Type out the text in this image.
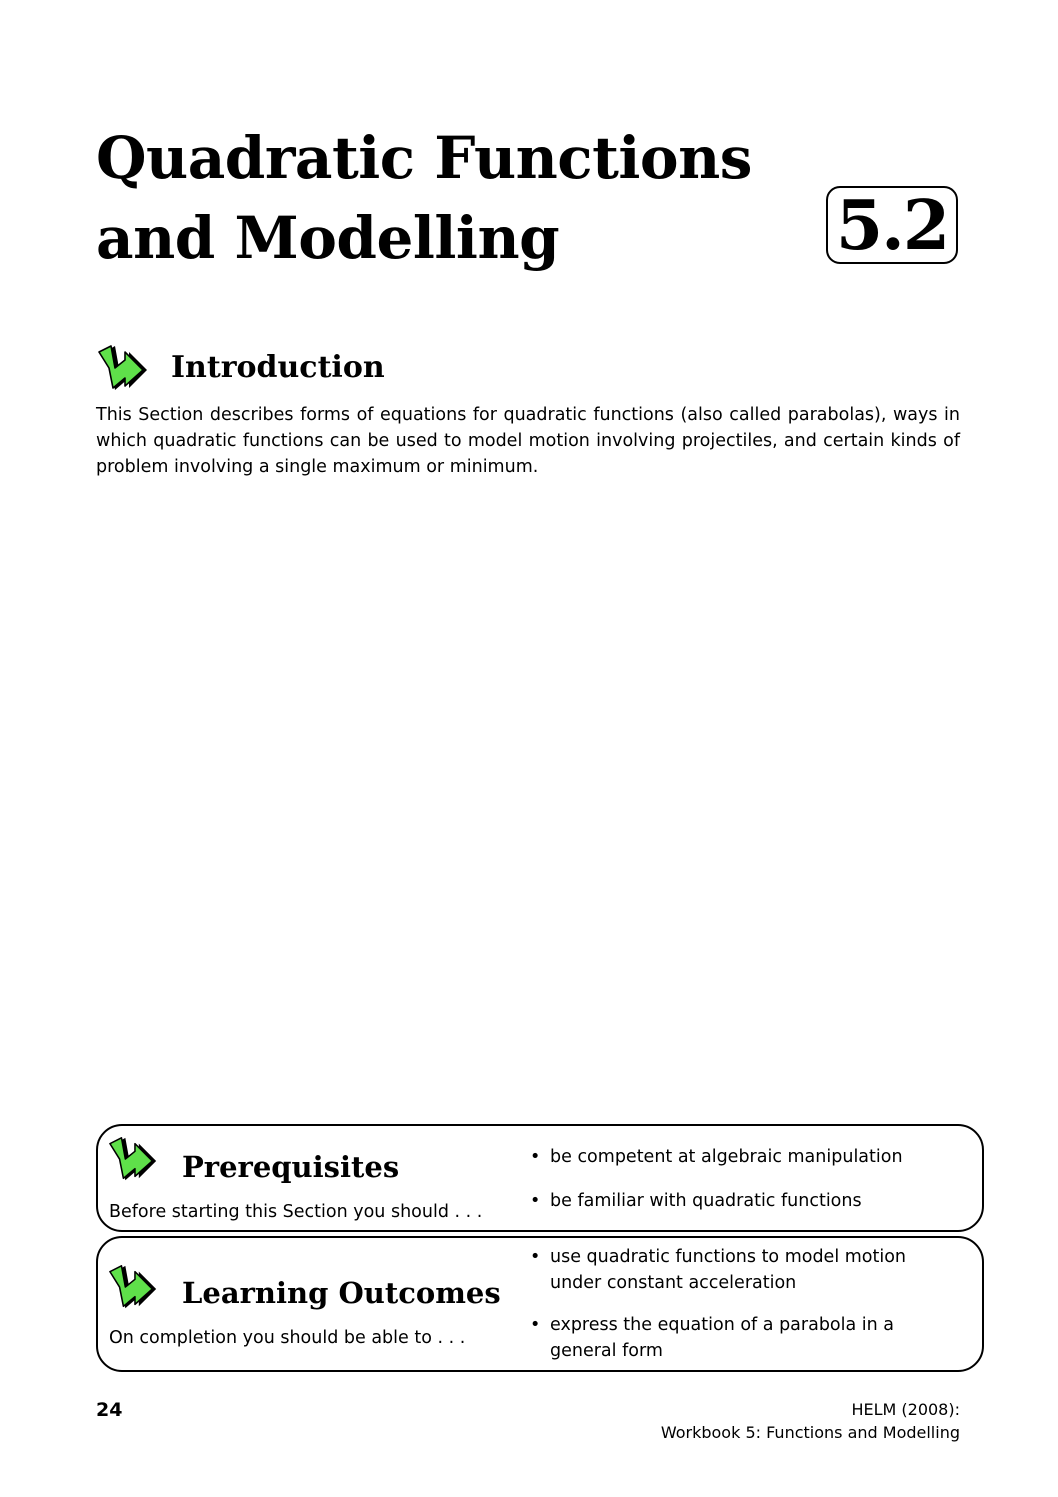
Quadratic Functions
and Modelling	5.2
Introduction

This Section describes forms of equations for quadratic functions (also called parabolas), ways in which quadratic functions can be used to model motion involving projectiles, and certain kinds of problem involving a single maximum or minimum.

Prerequisites

Before starting this Section you should . . .

• be competent at algebraic manipulation
• be familiar with quadratic functions
Learning Outcomes

On completion you should be able to . . .

• use quadratic functions to model motion under constant acceleration
• express the equation of a parabola in a general form

24	HELM (2008):
Workbook 5: Functions and Modelling
